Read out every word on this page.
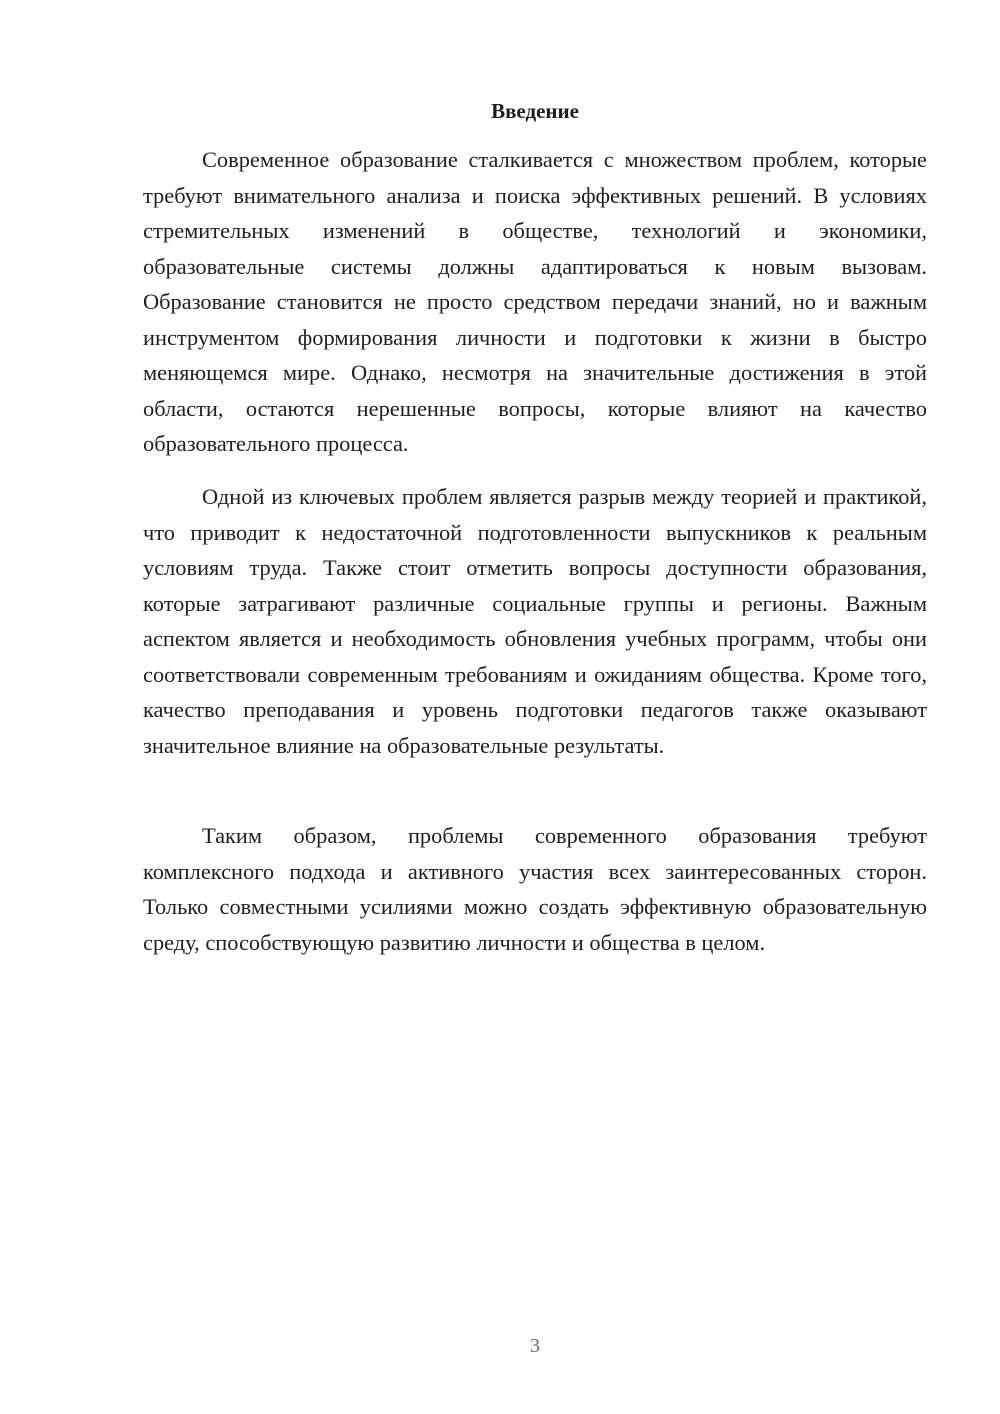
Введение

Современное образование сталкивается с множеством проблем, которые требуют внимательного анализа и поиска эффективных решений. В условиях стремительных изменений в обществе, технологий и экономики, образовательные системы должны адаптироваться к новым вызовам. Образование становится не просто средством передачи знаний, но и важным инструментом формирования личности и подготовки к жизни в быстро меняющемся мире. Однако, несмотря на значительные достижения в этой области, остаются нерешенные вопросы, которые влияют на качество образовательного процесса.

Одной из ключевых проблем является разрыв между теорией и практикой, что приводит к недостаточной подготовленности выпускников к реальным условиям труда. Также стоит отметить вопросы доступности образования, которые затрагивают различные социальные группы и регионы. Важным аспектом является и необходимость обновления учебных программ, чтобы они соответствовали современным требованиям и ожиданиям общества. Кроме того, качество преподавания и уровень подготовки педагогов также оказывают значительное влияние на образовательные результаты.

Таким образом, проблемы современного образования требуют комплексного подхода и активного участия всех заинтересованных сторон. Только совместными усилиями можно создать эффективную образовательную среду, способствующую развитию личности и общества в целом.

3
